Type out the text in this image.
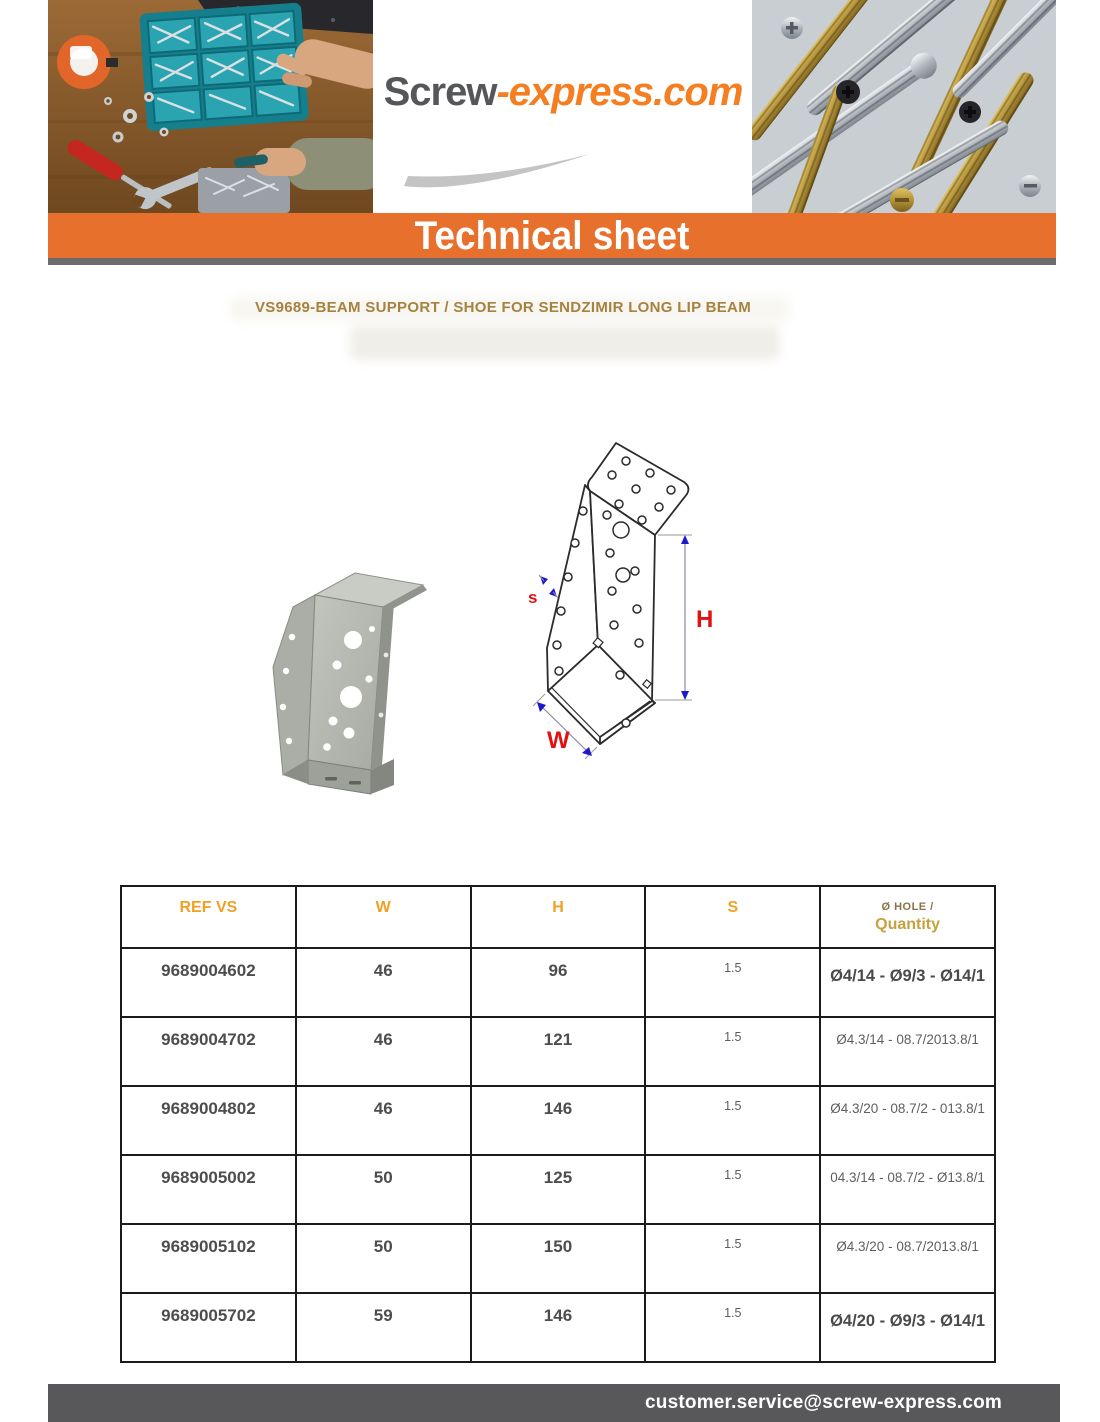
Screw-express.com
Technical sheet
VS9689-BEAM SUPPORT / SHOE FOR SENDZIMIR LONG LIP BEAM
H
W
s
REF VS	W	H	S	Ø HOLE /
Quantity

9689004602	46	96	1.5	Ø4/14 - Ø9/3 - Ø14/1
9689004702	46	121	1.5	Ø4.3/14 - 08.7/2013.8/1
9689004802	46	146	1.5	Ø4.3/20 - 08.7/2 - 013.8/1
9689005002	50	125	1.5	04.3/14 - 08.7/2 - Ø13.8/1
9689005102	50	150	1.5	Ø4.3/20 - 08.7/2013.8/1
9689005702	59	146	1.5	Ø4/20 - Ø9/3 - Ø14/1
customer.service@screw-express.com
